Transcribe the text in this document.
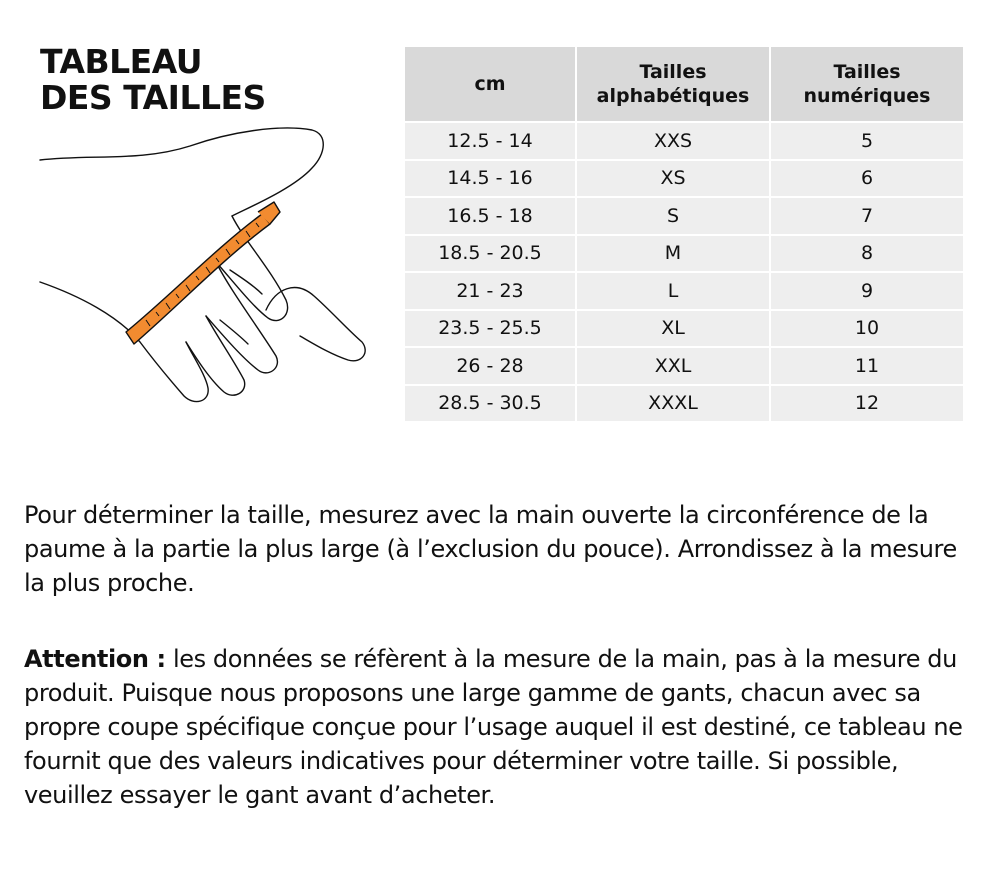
TABLEAU
DES TAILLES	cm	Tailles alphabétiques	Tailles numériques
12.5 - 14	XXS	5
14.5 - 16	XS	6
16.5 - 18	S	7
18.5 - 20.5	M	8
21 - 23	L	9
23.5 - 25.5	XL	10
26 - 28	XXL	11
28.5 - 30.5	XXXL	12

Pour déterminer la taille, mesurez avec la main ouverte la circonférence de la paume à la partie la plus large (à l’exclusion du pouce). Arrondissez à la mesure la plus proche.

Attention : les données se réfèrent à la mesure de la main, pas à la mesure du produit. Puisque nous proposons une large gamme de gants, chacun avec sa propre coupe spécifique conçue pour l’usage auquel il est destiné, ce tableau ne fournit que des valeurs indicatives pour déterminer votre taille. Si possible, veuillez essayer le gant avant d’acheter.
